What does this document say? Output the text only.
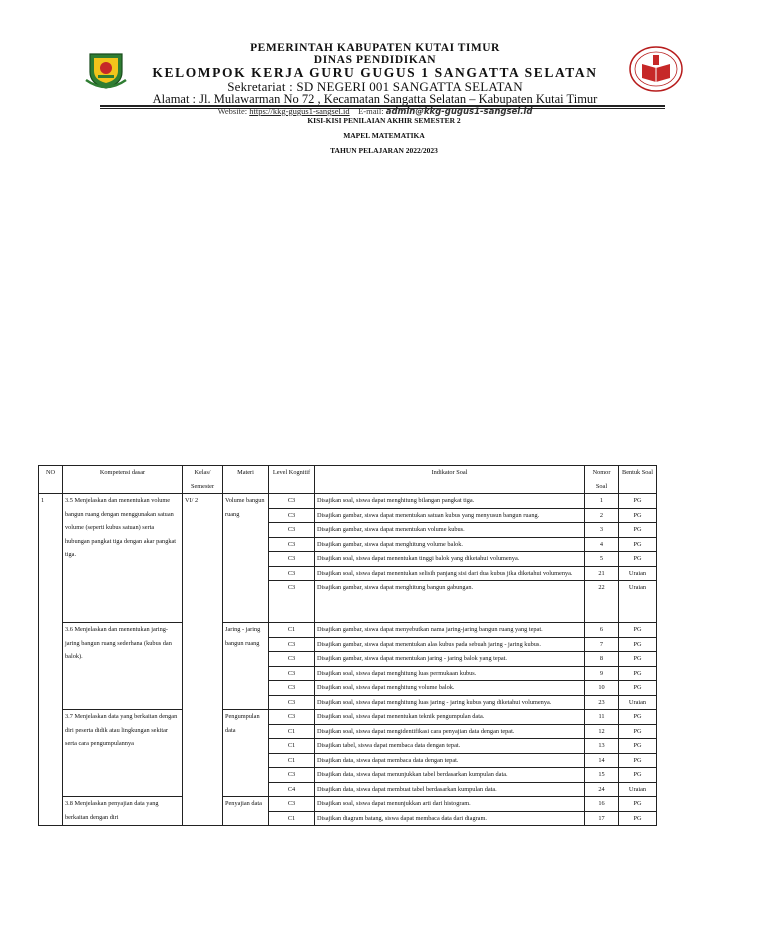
PEMERINTAH KABUPATEN KUTAI TIMUR
DINAS PENDIDIKAN
KELOMPOK KERJA GURU GUGUS 1 SANGATTA SELATAN
Sekretariat : SD NEGERI 001 SANGATTA SELATAN
Alamat : Jl. Mulawarman No 72 , Kecamatan Sangatta Selatan – Kabupaten Kutai Timur
Website: https://kkg-gugus1-sangsel.id E-mail: admin@kkg-gugus1-sangsel.id
KISI-KISI PENILAIAN AKHIR SEMESTER 2
MAPEL MATEMATIKA
TAHUN PELAJARAN 2022/2023
NO	Kompetensi dasar	Kelas/ Semester	Materi	Level Kognitif	Indikator Soal	Nomor Soal	Bentuk Soal
1	3.5 Menjelaskan dan menentukan volume bangun ruang dengan menggunakan satuan volume (seperti kubus satuan) serta hubungan pangkat tiga dengan akar pangkat tiga.	VI/ 2	Volume bangun ruang	C3	Disajikan soal, siswa dapat menghitung bilangan pangkat tiga.	1	PG
				C3	Disajikan gambar, siswa dapat menentukan satuan kubus yang menyusun bangun ruang.	2	PG
				C3	Disajikan gambar, siswa dapat menentukan volume kubus.	3	PG
				C3	Disajikan gambar, siswa dapat menghitung volume balok.	4	PG
				C3	Disajikan soal, siswa dapat menentukan tinggi balok yang diketahui volumenya.	5	PG
				C3	Disajikan soal, siswa dapat menentukan selisih panjang sisi dari dua kubus jika diketahui volumenya.	21	Uraian
				C3	Disajikan gambar, siswa dapat menghitung bangun gabungan.	22	Uraian
	3.6 Menjelaskan dan menentukan jaring-jaring bangun ruang sederhana (kubus dan balok).		Jaring - jaring bangun ruang	C1	Disajikan gambar, siswa dapat menyebutkan nama jaring-jaring bangun ruang yang tepat.	6	PG
				C3	Disajikan gambar, siswa dapat menentukan alas kubus pada sebuah jaring - jaring kubus.	7	PG
				C3	Disajikan gambar, siswa dapat menentukan jaring - jaring balok yang tepat.	8	PG
				C3	Disajikan soal, siswa dapat menghitung luas permukaan kubus.	9	PG
				C3	Disajikan soal, siswa dapat menghitung volume balok.	10	PG
				C3	Disajikan soal, siswa dapat menghitung luas jaring - jaring kubus yang diketahui volumenya.	23	Uraian
	3.7 Menjelaskan data yang berkaitan dengan diri peserta didik atau lingkungan sekitar serta cara pengumpulannya		Pengumpulan data	C3	Disajikan soal, siswa dapat menentukan teknik pengumpulan data.	11	PG
				C1	Disajikan soal, siswa dapat mengidentifikasi cara penyajian data dengan tepat.	12	PG
				C1	Disajikan tabel, siswa dapat membaca data dengan tepat.	13	PG
				C1	Disajikan data, siswa dapat membaca data dengan tepat.	14	PG
				C3	Disajikan data, siswa dapat menunjukkan tabel berdasarkan kumpulan data.	15	PG
				C4	Disajikan data, siswa dapat membuat tabel berdasarkan kumpulan data.	24	Uraian
	3.8 Menjelaskan penyajian data yang berkaitan dengan diri		Penyajian data	C3	Disajikan soal, siswa dapat menunjukkan arti dari histogram.	16	PG
				C1	Disajikan diagram batang, siswa dapat membaca data dari diagram.	17	PG
